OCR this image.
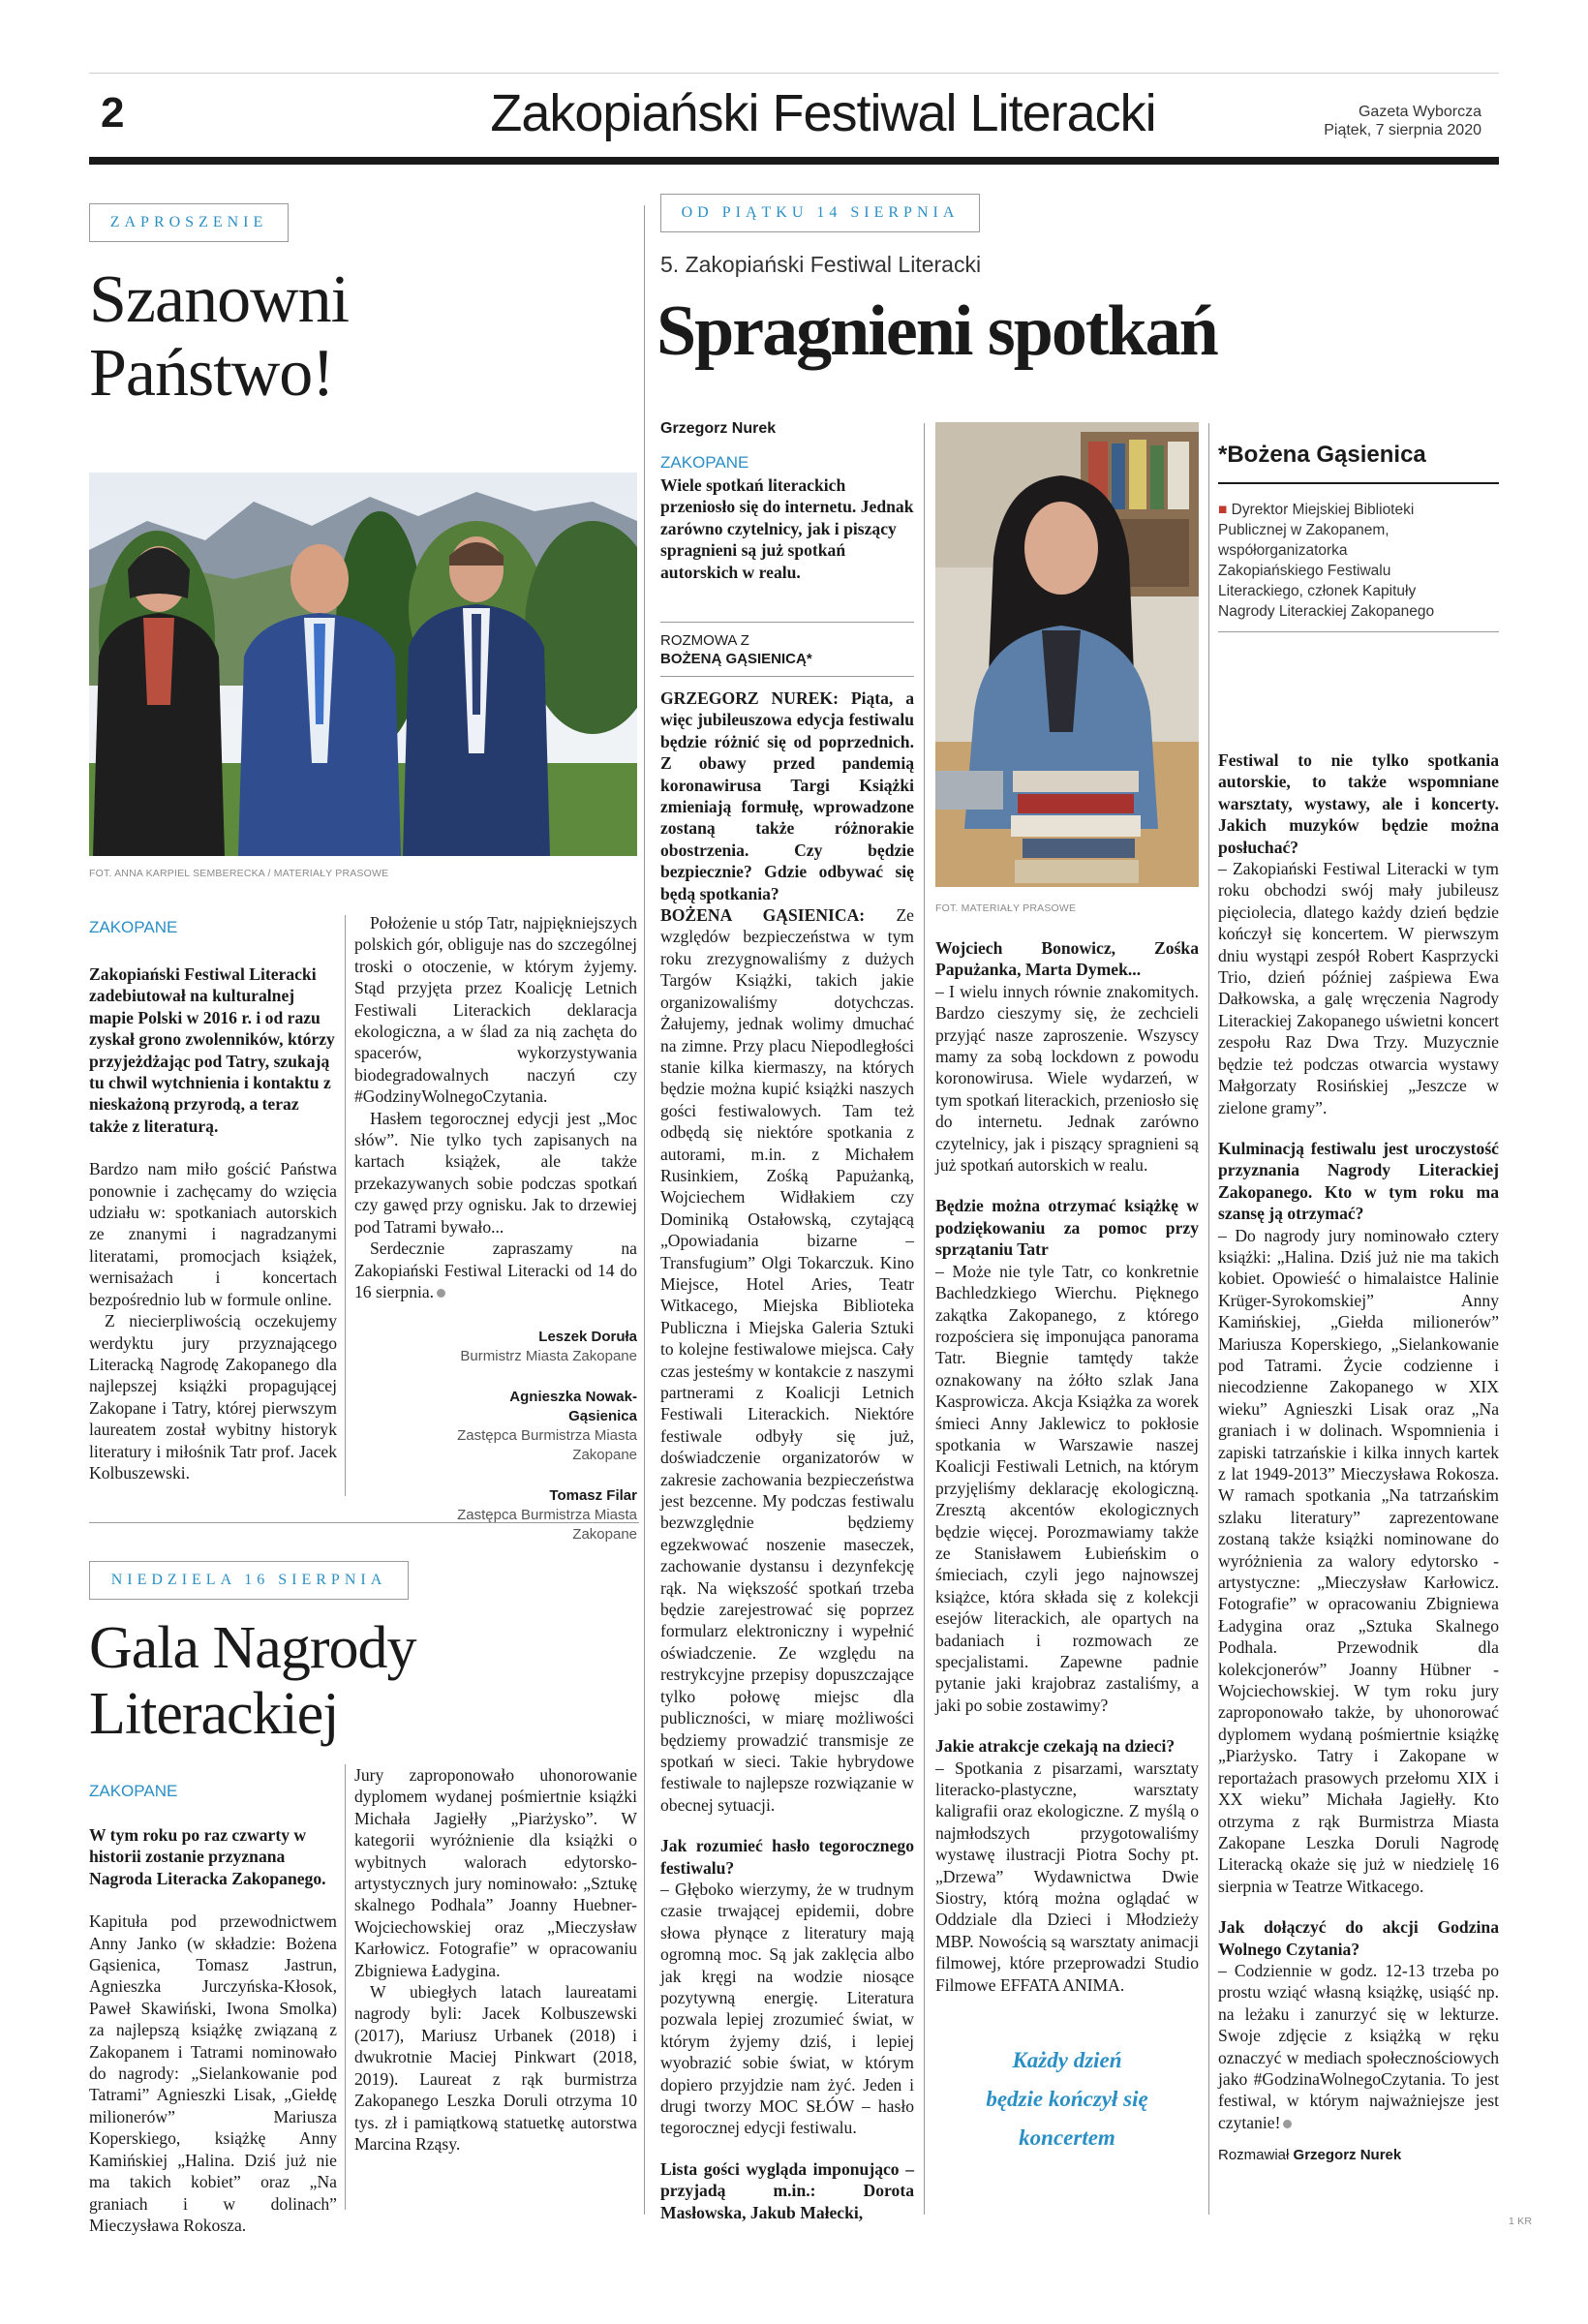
2	Zakopiański Festiwal Literacki	Gazeta Wyborcza
Piątek, 7 sierpnia 2020
ZAPROSZENIE
Szanowni
Państwo!
FOT. ANNA KARPIEL SEMBERECKA / MATERIAŁY PRASOWE
ZAKOPANE
Zakopiański Festiwal Literacki zadebiutował na kulturalnej mapie Polski w 2016 r. i od razu zyskał grono zwolenników, którzy przyjeżdżając pod Tatry, szukają tu chwil wytchnienia i kontaktu z nieskażoną przyrodą, a teraz także z literaturą.

Bardzo nam miło gościć Państwa ponownie i zachęcamy do wzięcia udziału w: spotkaniach autorskich ze znanymi i nagradzanymi literatami, promocjach książek, wernisażach i koncertach bezpośrednio lub w formule online.

Z niecierpliwością oczekujemy werdyktu jury przyznającego Literacką Nagrodę Zakopanego dla najlepszej książki propagującej Zakopane i Tatry, której pierwszym laureatem został wybitny historyk literatury i miłośnik Tatr prof. Jacek Kolbuszewski.

Położenie u stóp Tatr, najpiękniejszych polskich gór, obliguje nas do szczególnej troski o otoczenie, w którym żyjemy. Stąd przyjęta przez Koalicję Letnich Festiwali Literackich deklaracja ekologiczna, a w ślad za nią zachęta do spacerów, wykorzystywania biodegradowalnych naczyń czy #GodzinyWolnegoCzytania.

Hasłem tegorocznej edycji jest „Moc słów”. Nie tylko tych zapisanych na kartach książek, ale także przekazywanych sobie podczas spotkań czy gawęd przy ognisku. Jak to drzewiej pod Tatrami bywało...

Serdecznie zapraszamy na Zakopiański Festiwal Literacki od 14 do 16 sierpnia.

Leszek Doruła
Burmistrz Miasta Zakopane
Agnieszka Nowak-Gąsienica
Zastępca Burmistrza Miasta Zakopane
Tomasz Filar
Zastępca Burmistrza Miasta Zakopane
NIEDZIELA 16 SIERPNIA
Gala Nagrody
Literackiej
ZAKOPANE
W tym roku po raz czwarty w historii zostanie przyznana Nagroda Literacka Zakopanego.

Kapituła pod przewodnictwem Anny Janko (w składzie: Bożena Gąsienica, Tomasz Jastrun, Agnieszka Jurczyńska-Kłosok, Paweł Skawiński, Iwona Smolka) za najlepszą książkę związaną z Zakopanem i Tatrami nominowało do nagrody: „Sielankowanie pod Tatrami” Agnieszki Lisak, „Giełdę milionerów” Mariusza Koperskiego, książkę Anny Kamińskiej „Halina. Dziś już nie ma takich kobiet” oraz „Na graniach i w dolinach” Mieczysława Rokosza.

Jury zaproponowało uhonorowanie dyplomem wydanej pośmiertnie książki Michała Jagiełły „Piarżysko”. W kategorii wyróżnienie dla książki o wybitnych walorach edytorsko-artystycznych jury nominowało: „Sztukę skalnego Podhala” Joanny Huebner-Wojciechowskiej oraz „Mieczysław Karłowicz. Fotografie” w opracowaniu Zbigniewa Ładygina.

W ubiegłych latach laureatami nagrody byli: Jacek Kolbuszewski (2017), Mariusz Urbanek (2018) i dwukrotnie Maciej Pinkwart (2018, 2019). Laureat z rąk burmistrza Zakopanego Leszka Doruli otrzyma 10 tys. zł i pamiątkową statuetkę autorstwa Marcina Rząsy.

OD PIĄTKU 14 SIERPNIA
5. Zakopiański Festiwal Literacki
Spragnieni spotkań
Grzegorz Nurek
ZAKOPANE
Wiele spotkań literackich przeniosło się do internetu. Jednak zarówno czytelnicy, jak i piszący spragnieni są już spotkań autorskich w realu.
ROZMOWA Z
BOŻENĄ GĄSIENICĄ*

GRZEGORZ NUREK: Piąta, a więc jubileuszowa edycja festiwalu będzie różnić się od poprzednich. Z obawy przed pandemią koronawirusa Targi Książki zmieniają formułę, wprowadzone zostaną także różnorakie obostrzenia. Czy będzie bezpiecznie? Gdzie odbywać się będą spotkania?
BOŻENA GĄSIENICA: Ze względów bezpieczeństwa w tym roku zrezygnowaliśmy z dużych Targów Książki, takich jakie organizowaliśmy dotychczas. Żałujemy, jednak wolimy dmuchać na zimne. Przy placu Niepodległości stanie kilka kiermaszy, na których będzie można kupić książki naszych gości festiwalowych. Tam też odbędą się niektóre spotkania z autorami, m.in. z Michałem Rusinkiem, Zośką Papużanką, Wojciechem Widłakiem czy Dominiką Ostałowską, czytającą „Opowiadania bizarne – Transfugium” Olgi Tokarczuk. Kino Miejsce, Hotel Aries, Teatr Witkacego, Miejska Biblioteka Publiczna i Miejska Galeria Sztuki to kolejne festiwalowe miejsca. Cały czas jesteśmy w kontakcie z naszymi partnerami z Koalicji Letnich Festiwali Literackich. Niektóre festiwale odbyły się już, doświadczenie organizatorów w zakresie zachowania bezpieczeństwa jest bezcenne. My podczas festiwalu bezwzględnie będziemy egzekwować noszenie maseczek, zachowanie dystansu i dezynfekcję rąk. Na większość spotkań trzeba będzie zarejestrować się poprzez formularz elektroniczny i wypełnić oświadczenie. Ze względu na restrykcyjne przepisy dopuszczające tylko połowę miejsc dla publiczności, w miarę możliwości będziemy prowadzić transmisje ze spotkań w sieci. Takie hybrydowe festiwale to najlepsze rozwiązanie w obecnej sytuacji.

Jak rozumieć hasło tegorocznego festiwalu?

– Głęboko wierzymy, że w trudnym czasie trwającej epidemii, dobre słowa płynące z literatury mają ogromną moc. Są jak zaklęcia albo jak kręgi na wodzie niosące pozytywną energię. Literatura pozwala lepiej zrozumieć świat, w którym żyjemy dziś, i lepiej wyobrazić sobie świat, w którym dopiero przyjdzie nam żyć. Jeden i drugi tworzy MOC SŁÓW – hasło tegorocznej edycji festiwalu.

Lista gości wygląda imponująco – przyjadą m.in.: Dorota Masłowska, Jakub Małecki,

FOT. MATERIAŁY PRASOWE

Wojciech Bonowicz, Zośka Papużanka, Marta Dymek...

– I wielu innych równie znakomitych. Bardzo cieszymy się, że zechcieli przyjąć nasze zaproszenie. Wszyscy mamy za sobą lockdown z powodu koronowirusa. Wiele wydarzeń, w tym spotkań literackich, przeniosło się do internetu. Jednak zarówno czytelnicy, jak i piszący spragnieni są już spotkań autorskich w realu.

Będzie można otrzymać książkę w podziękowaniu za pomoc przy sprzątaniu Tatr

– Może nie tyle Tatr, co konkretnie Bachledzkiego Wierchu. Pięknego zakątka Zakopanego, z którego rozpościera się imponująca panorama Tatr. Biegnie tamtędy także oznakowany na żółto szlak Jana Kasprowicza. Akcja Książka za worek śmieci Anny Jaklewicz to pokłosie spotkania w Warszawie naszej Koalicji Festiwali Letnich, na którym przyjęliśmy deklarację ekologiczną. Zresztą akcentów ekologicznych będzie więcej. Porozmawiamy także ze Stanisławem Łubieńskim o śmieciach, czyli jego najnowszej książce, która składa się z kolekcji esejów literackich, ale opartych na badaniach i rozmowach ze specjalistami. Zapewne padnie pytanie jaki krajobraz zastaliśmy, a jaki po sobie zostawimy?

Jakie atrakcje czekają na dzieci?

– Spotkania z pisarzami, warsztaty literacko-plastyczne, warsztaty kaligrafii oraz ekologiczne. Z myślą o najmłodszych przygotowaliśmy wystawę ilustracji Piotra Sochy pt. „Drzewa” Wydawnictwa Dwie Siostry, którą można oglądać w Oddziale dla Dzieci i Młodzieży MBP. Nowością są warsztaty animacji filmowej, które przeprowadzi Studio Filmowe EFFATA ANIMA.

Każdy dzień
będzie kończył się
koncertem
*Bożena Gąsienica
■ Dyrektor Miejskiej Biblioteki Publicznej w Zakopanem, współorganizatorka Zakopiańskiego Festiwalu Literackiego, członek Kapituły Nagrody Literackiej Zakopanego

Festiwal to nie tylko spotkania autorskie, to także wspomniane warsztaty, wystawy, ale i koncerty. Jakich muzyków będzie można posłuchać?

– Zakopiański Festiwal Literacki w tym roku obchodzi swój mały jubileusz pięciolecia, dlatego każdy dzień będzie kończył się koncertem. W pierwszym dniu wystąpi zespół Robert Kasprzycki Trio, dzień później zaśpiewa Ewa Dałkowska, a galę wręczenia Nagrody Literackiej Zakopanego uświetni koncert zespołu Raz Dwa Trzy. Muzycznie będzie też podczas otwarcia wystawy Małgorzaty Rosińskiej „Jeszcze w zielone gramy”.

Kulminacją festiwalu jest uroczystość przyznania Nagrody Literackiej Zakopanego. Kto w tym roku ma szansę ją otrzymać?

– Do nagrody jury nominowało cztery książki: „Halina. Dziś już nie ma takich kobiet. Opowieść o himalaistce Halinie Krüger-Syrokomskiej” Anny Kamińskiej, „Giełda milionerów” Mariusza Koperskiego, „Sielankowanie pod Tatrami. Życie codzienne i niecodzienne Zakopanego w XIX wieku” Agnieszki Lisak oraz „Na graniach i w dolinach. Wspomnienia i zapiski tatrzańskie i kilka innych kartek z lat 1949-2013” Mieczysława Rokosza. W ramach spotkania „Na tatrzańskim szlaku literatury” zaprezentowane zostaną także książki nominowane do wyróżnienia za walory edytorsko - artystyczne: „Mieczysław Karłowicz. Fotografie” w opracowaniu Zbigniewa Ładygina oraz „Sztuka Skalnego Podhala. Przewodnik dla kolekcjonerów” Joanny Hübner -Wojciechowskiej. W tym roku jury zaproponowało także, by uhonorować dyplomem wydaną pośmiertnie książkę „Piarżysko. Tatry i Zakopane w reportażach prasowych przełomu XIX i XX wieku” Michała Jagiełły. Kto otrzyma z rąk Burmistrza Miasta Zakopane Leszka Doruli Nagrodę Literacką okaże się już w niedzielę 16 sierpnia w Teatrze Witkacego.

Jak dołączyć do akcji Godzina Wolnego Czytania?

– Codziennie w godz. 12-13 trzeba po prostu wziąć własną książkę, usiąść np. na leżaku i zanurzyć się w lekturze. Swoje zdjęcie z książką w ręku oznaczyć w mediach społecznościowych jako #GodzinaWolnegoCzytania. To jest festiwal, w którym najważniejsze jest czytanie!

Rozmawiał Grzegorz Nurek

1 KR
